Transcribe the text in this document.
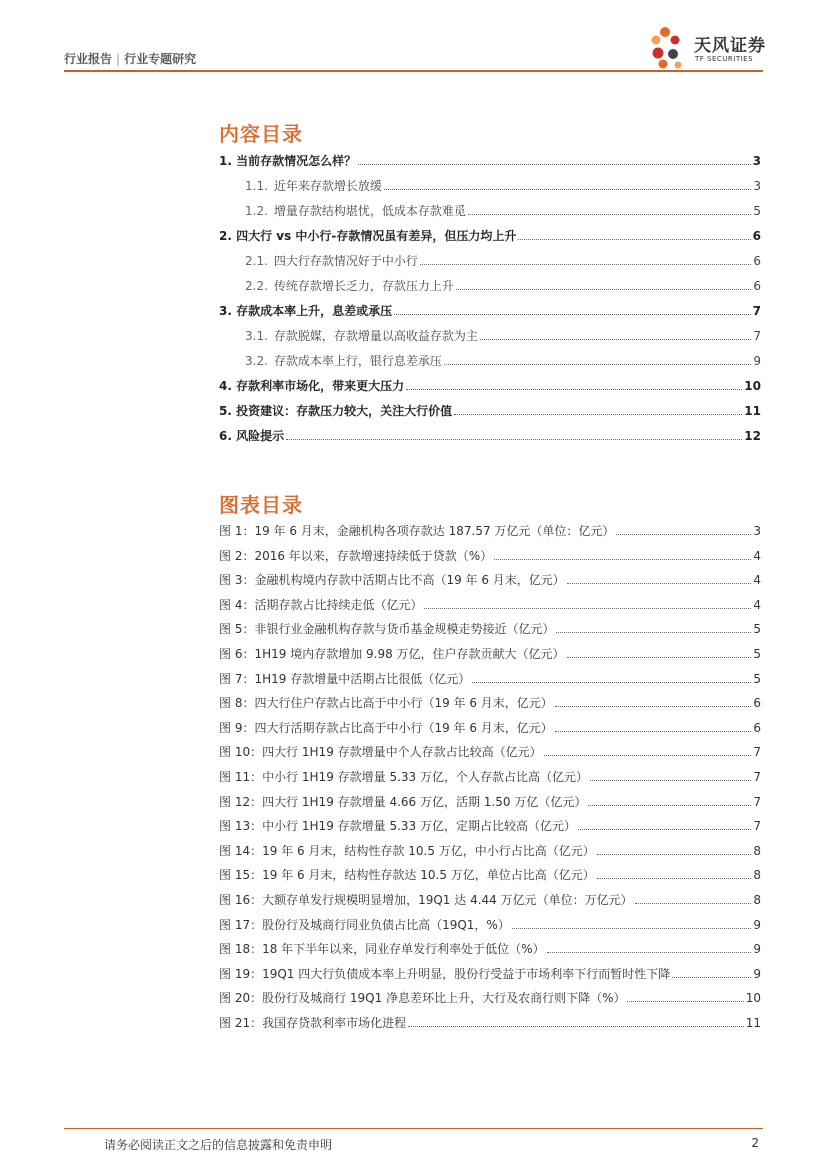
行业报告 | 行业专题研究
天风证券
TF SECURITIES
内容目录
1. 当前存款情况怎么样？	3
1.1. 近年来存款增长放缓	3
1.2. 增量存款结构堪忧，低成本存款难觅	5
2. 四大行 vs 中小行-存款情况虽有差异，但压力均上升	6
2.1. 四大行存款情况好于中小行	6
2.2. 传统存款增长乏力，存款压力上升	6
3. 存款成本率上升，息差或承压	7
3.1. 存款脱媒，存款增量以高收益存款为主	7
3.2. 存款成本率上行，银行息差承压	9
4. 存款利率市场化，带来更大压力	10
5. 投资建议：存款压力较大，关注大行价值	11
6. 风险提示	12
图表目录
图 1：19 年 6 月末，金融机构各项存款达 187.57 万亿元（单位：亿元）	3
图 2：2016 年以来，存款增速持续低于贷款（%）	4
图 3：金融机构境内存款中活期占比不高（19 年 6 月末，亿元）	4
图 4：活期存款占比持续走低（亿元）	4
图 5：非银行业金融机构存款与货币基金规模走势接近（亿元）	5
图 6：1H19 境内存款增加 9.98 万亿，住户存款贡献大（亿元）	5
图 7：1H19 存款增量中活期占比很低（亿元）	5
图 8：四大行住户存款占比高于中小行（19 年 6 月末，亿元）	6
图 9：四大行活期存款占比高于中小行（19 年 6 月末，亿元）	6
图 10：四大行 1H19 存款增量中个人存款占比较高（亿元）	7
图 11：中小行 1H19 存款增量 5.33 万亿，个人存款占比高（亿元）	7
图 12：四大行 1H19 存款增量 4.66 万亿，活期 1.50 万亿（亿元）	7
图 13：中小行 1H19 存款增量 5.33 万亿，定期占比较高（亿元）	7
图 14：19 年 6 月末，结构性存款 10.5 万亿，中小行占比高（亿元）	8
图 15：19 年 6 月末，结构性存款达 10.5 万亿，单位占比高（亿元）	8
图 16：大额存单发行规模明显增加，19Q1 达 4.44 万亿元（单位：万亿元）	8
图 17：股份行及城商行同业负债占比高（19Q1，%）	9
图 18：18 年下半年以来，同业存单发行利率处于低位（%）	9
图 19：19Q1 四大行负债成本率上升明显，股份行受益于市场利率下行而暂时性下降	9
图 20：股份行及城商行 19Q1 净息差环比上升，大行及农商行则下降（%）	10
图 21：我国存贷款利率市场化进程	11
请务必阅读正文之后的信息披露和免责申明	2
